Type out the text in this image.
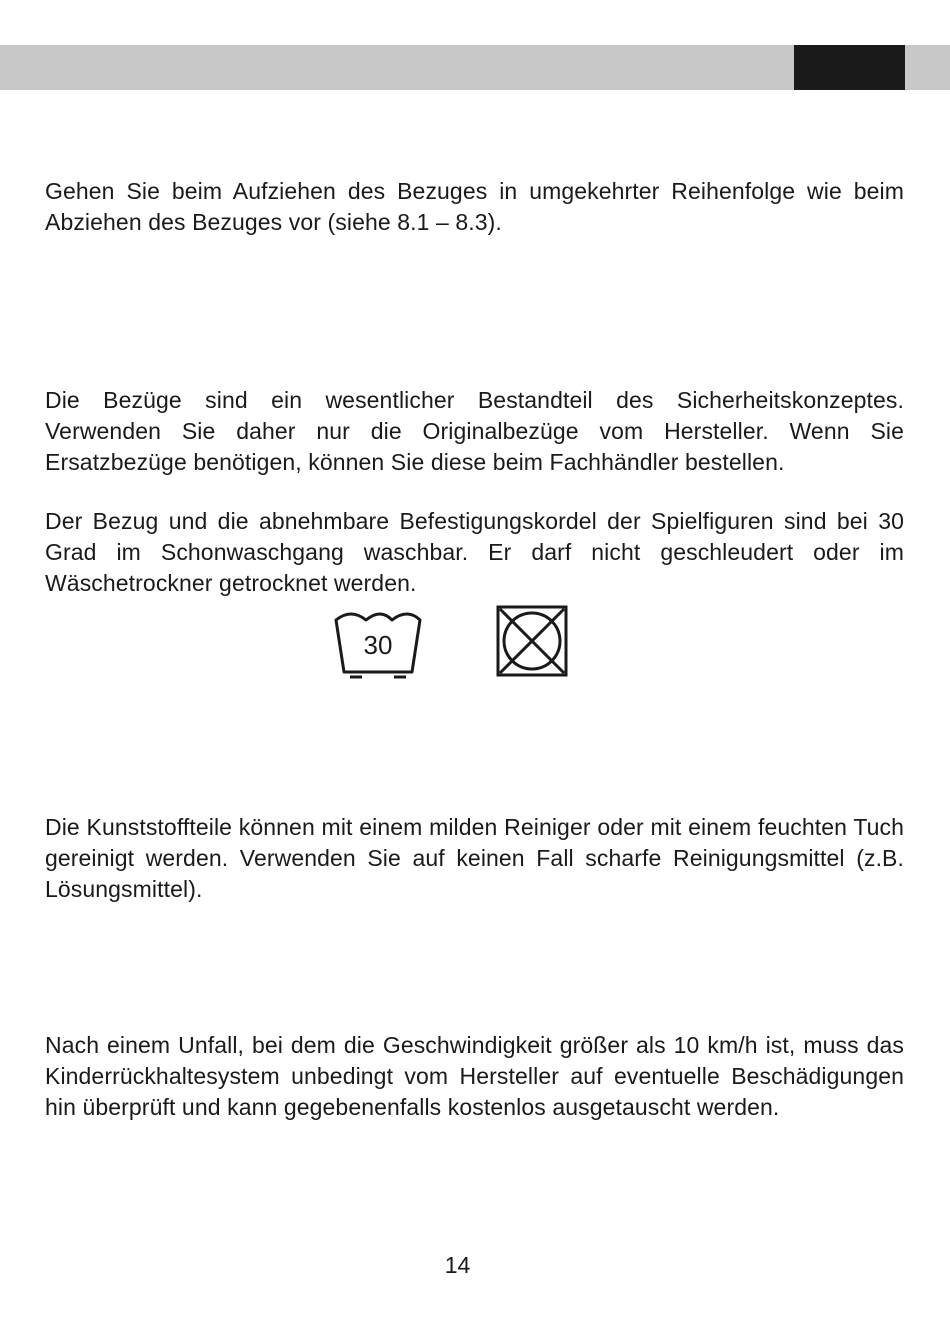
Gehen Sie beim Aufziehen des Bezuges in umgekehrter Reihenfolge wie beim Abziehen des Bezuges vor (siehe 8.1 – 8.3).

Die Bezüge sind ein wesentlicher Bestandteil des Sicherheitskonzeptes. Verwenden Sie daher nur die Originalbezüge vom Hersteller. Wenn Sie Ersatzbezüge benötigen, können Sie diese beim Fachhändler bestellen.

Der Bezug und die abnehmbare Befestigungskordel der Spielfiguren sind bei 30 Grad im Schonwaschgang waschbar. Er darf nicht geschleudert oder im Wäschetrockner getrocknet werden.

30

Die Kunststoffteile können mit einem milden Reiniger oder mit einem feuchten Tuch gereinigt werden. Verwenden Sie auf keinen Fall scharfe Reinigungsmittel (z.B. Lösungsmittel).

Nach einem Unfall, bei dem die Geschwindigkeit größer als 10 km/h ist, muss das Kinderrückhaltesystem unbedingt vom Hersteller auf eventuelle Beschädigungen hin überprüft und kann gegebenenfalls kostenlos ausgetauscht werden.

14
